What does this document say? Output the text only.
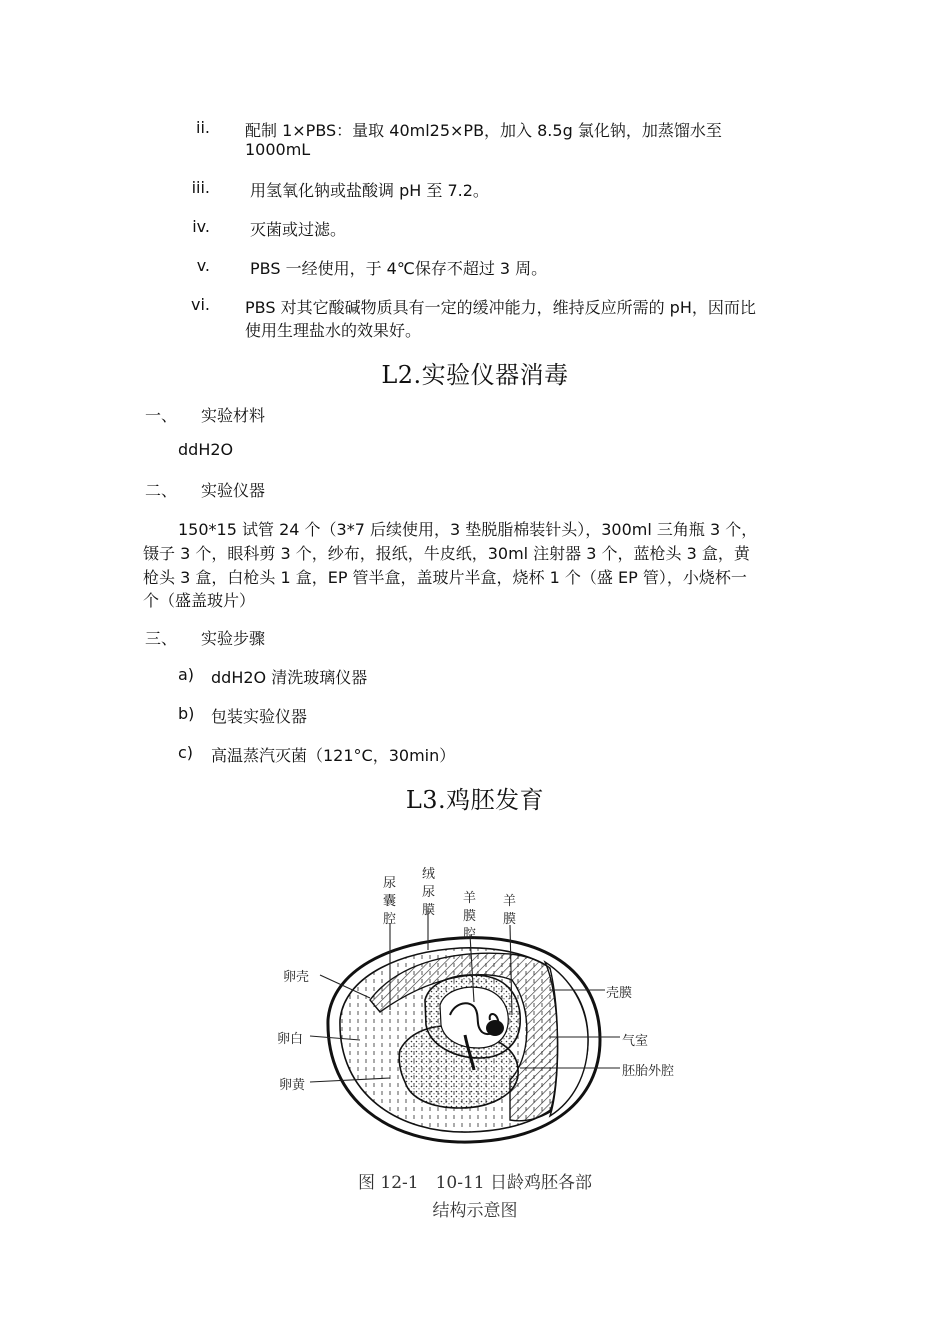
ii. 配制 1×PBS：量取 40ml25×PB，加入 8.5g 氯化钠，加蒸馏水至
1000mL
iii.	用氢氧化钠或盐酸调 pH 至 7.2。
iv.	灭菌或过滤。
v.	PBS 一经使用，于 4℃保存不超过 3 周。
vi. PBS 对其它酸碱物质具有一定的缓冲能力，维持反应所需的 pH，因而比
使用生理盐水的效果好。
L2.实验仪器消毒
一、 实验材料
ddH2O
二、 实验仪器
150*15 试管 24 个（3*7 后续使用，3 垫脱脂棉装针头），300ml 三角瓶 3 个，
镊子 3 个，眼科剪 3 个，纱布，报纸，牛皮纸，30ml 注射器 3 个，蓝枪头 3 盒，黄
枪头 3 盒，白枪头 1 盒，EP 管半盒，盖玻片半盒，烧杯 1 个（盛 EP 管），小烧杯一
个（盛盖玻片）
三、 实验步骤
a) ddH2O 清洗玻璃仪器
b) 包装实验仪器
c) 高温蒸汽灭菌（121°C，30min）
L3.鸡胚发育
尿囊腔
绒尿膜
羊膜腔
羊膜
卵壳
壳膜
卵白	气室
卵黄
胚胎外腔
图 12-1　10-11 日龄鸡胚各部
结构示意图
